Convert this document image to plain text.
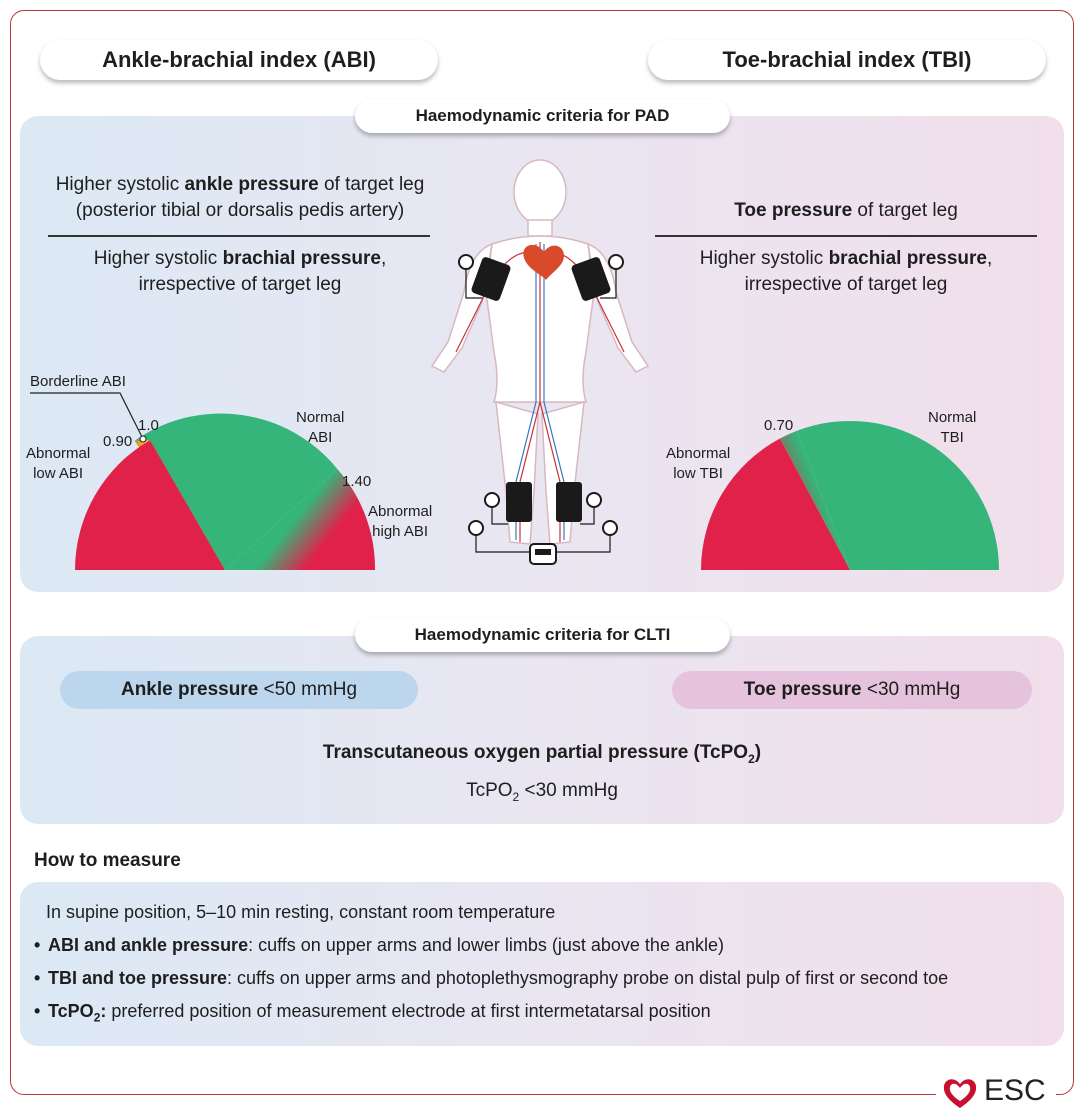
Ankle-brachial index (ABI)	Toe-brachial index (TBI)
Haemodynamic criteria for PAD
Higher systolic ankle pressure of target leg
(posterior tibial or dorsalis pedis artery)
Higher systolic brachial pressure,
irrespective of target leg
Toe pressure of target leg
Higher systolic brachial pressure,
irrespective of target leg
Borderline ABI
0.90
1.0
1.40
Abnormal
low ABI
Normal
ABI
Abnormal
high ABI
0.70
Abnormal
low TBI
Normal
TBI
Haemodynamic criteria for CLTI
Ankle pressure <50 mmHg	Toe pressure <30 mmHg
Transcutaneous oxygen partial pressure (TcPO$_2$)
TcPO$_2$ <30 mmHg
How to measure
In supine position, 5–10 min resting, constant room temperature
• ABI and ankle pressure: cuffs on upper arms and lower limbs (just above the ankle)
• TBI and toe pressure: cuffs on upper arms and photoplethysmography probe on distal pulp of first or second toe
• TcPO$_2$: preferred position of measurement electrode at first intermetatarsal position
ESC
